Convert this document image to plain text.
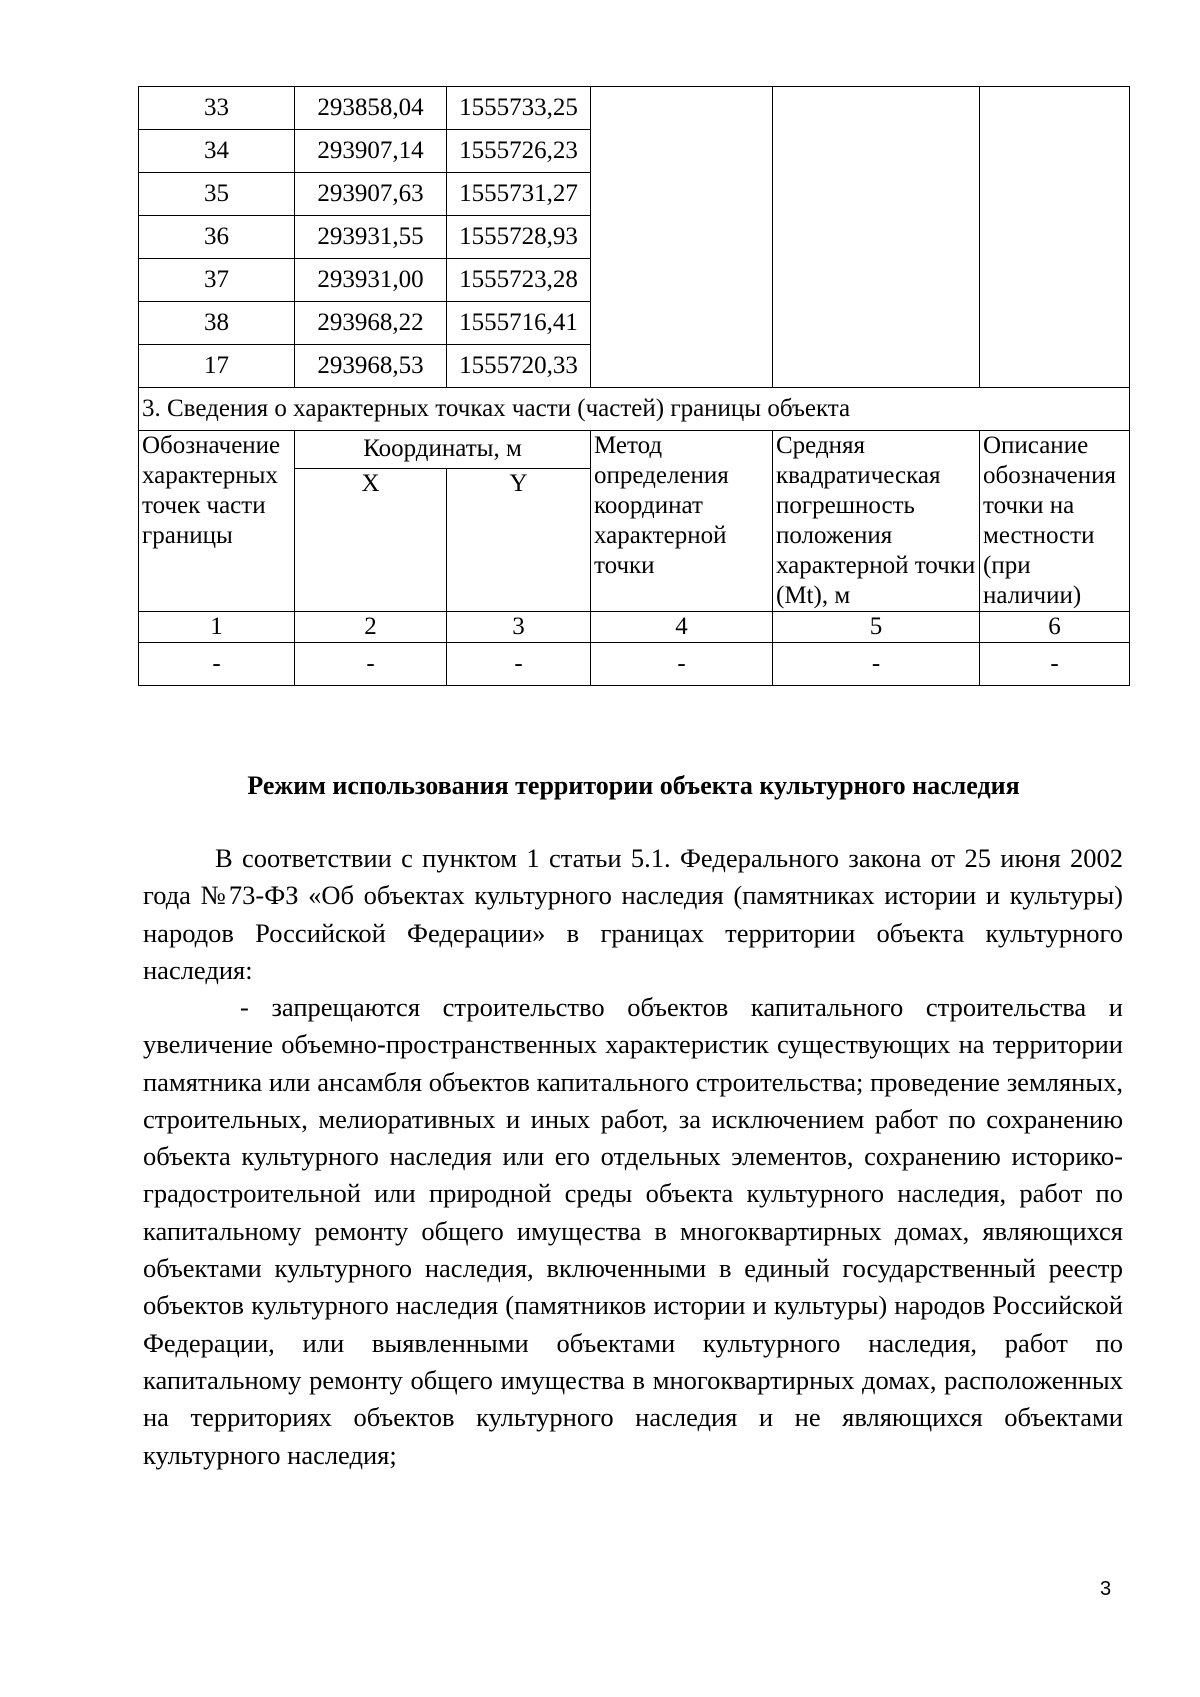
33	293858,04	1555733,25			
34	293907,14	1555726,23			
35	293907,63	1555731,27			
36	293931,55	1555728,93			
37	293931,00	1555723,28			
38	293968,22	1555716,41			
17	293968,53	1555720,33			
3. Сведения о характерных точках части (частей) границы объекта					
Обозначение характерных точек части границы	Координаты, м		Метод определения координат характерной точки	Средняя квадратическая погрешность положения характерной точки (Mt), м	Описание обозначения точки на местности (при наличии)
	X	Y			
1	2	3	4	5	6
-	-	-	-	-	-
Режим использования территории объекта культурного наследия

В соответствии с пунктом 1 статьи 5.1. Федерального закона от 25 июня 2002 года №73-ФЗ «Об объектах культурного наследия (памятниках истории и культуры) народов Российской Федерации» в границах территории объекта культурного наследия:

- запрещаются строительство объектов капитального строительства и увеличение объемно-пространственных характеристик существующих на территории памятника или ансамбля объектов капитального строительства; проведение земляных, строительных, мелиоративных и иных работ, за исключением работ по сохранению объекта культурного наследия или его отдельных элементов, сохранению историко-градостроительной или природной среды объекта культурного наследия, работ по капитальному ремонту общего имущества в многоквартирных домах, являющихся объектами культурного наследия, включенными в единый государственный реестр объектов культурного наследия (памятников истории и культуры) народов Российской Федерации, или выявленными объектами культурного наследия, работ по капитальному ремонту общего имущества в многоквартирных домах, расположенных на территориях объектов культурного наследия и не являющихся объектами культурного наследия;

3
